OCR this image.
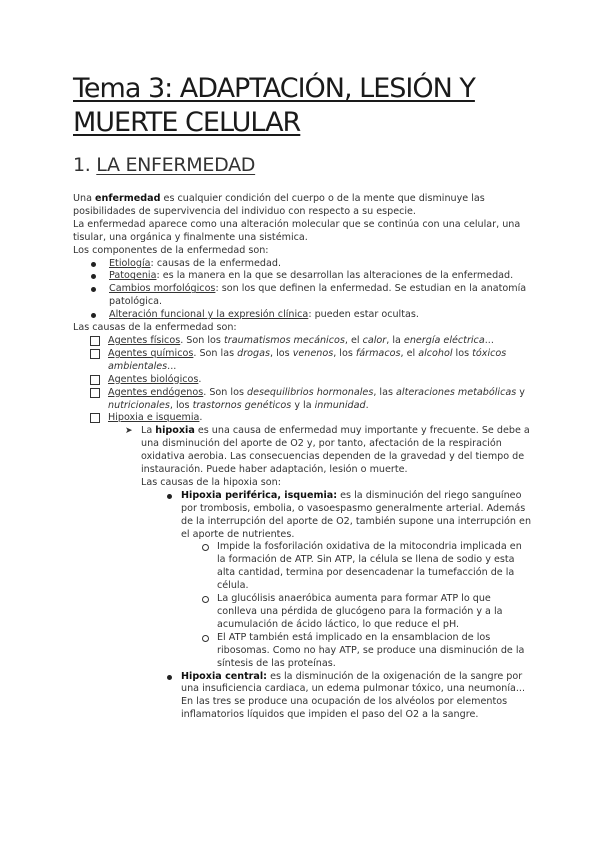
Tema 3: ADAPTACIÓN, LESIÓN Y MUERTE CELULAR
1. LA ENFERMEDAD

Una enfermedad es cualquier condición del cuerpo o de la mente que disminuye las posibilidades de supervivencia del individuo con respecto a su especie.

La enfermedad aparece como una alteración molecular que se continúa con una celular, una tisular, una orgánica y finalmente una sistémica.

Los componentes de la enfermedad son:

Etiología: causas de la enfermedad.
Patogenia: es la manera en la que se desarrollan las alteraciones de la enfermedad.
Cambios morfológicos: son los que definen la enfermedad. Se estudian en la anatomía patológica.
Alteración funcional y la expresión clínica: pueden estar ocultas.

Las causas de la enfermedad son:

Agentes físicos. Son los traumatismos mecánicos, el calor, la energía eléctrica...
Agentes químicos. Son las drogas, los venenos, los fármacos, el alcohol los tóxicos ambientales...
Agentes biológicos.
Agentes endógenos. Son los desequilibrios hormonales, las alteraciones metabólicas y nutricionales, los trastornos genéticos y la inmunidad.
Hipoxia e isquemia.
➤ La hipoxia es una causa de enfermedad muy importante y frecuente. Se debe a una disminución del aporte de O2 y, por tanto, afectación de la respiración oxidativa aerobia. Las consecuencias dependen de la gravedad y del tiempo de instauración. Puede haber adaptación, lesión o muerte.
Las causas de la hipoxia son:
Hipoxia periférica, isquemia: es la disminución del riego sanguíneo por trombosis, embolia, o vasoespasmo generalmente arterial. Además de la interrupción del aporte de O2, también supone una interrupción en el aporte de nutrientes.
Impide la fosforilación oxidativa de la mitocondria implicada en la formación de ATP. Sin ATP, la célula se llena de sodio y esta alta cantidad, termina por desencadenar la tumefacción de la célula.
La glucólisis anaeróbica aumenta para formar ATP lo que conlleva una pérdida de glucógeno para la formación y a la acumulación de ácido láctico, lo que reduce el pH.
El ATP también está implicado en la ensamblacion de los ribosomas. Como no hay ATP, se produce una disminución de la síntesis de las proteínas.
Hipoxia central: es la disminución de la oxigenación de la sangre por una insuficiencia cardiaca, un edema pulmonar tóxico, una neumonía... En las tres se produce una ocupación de los alvéolos por elementos inflamatorios líquidos que impiden el paso del O2 a la sangre.
